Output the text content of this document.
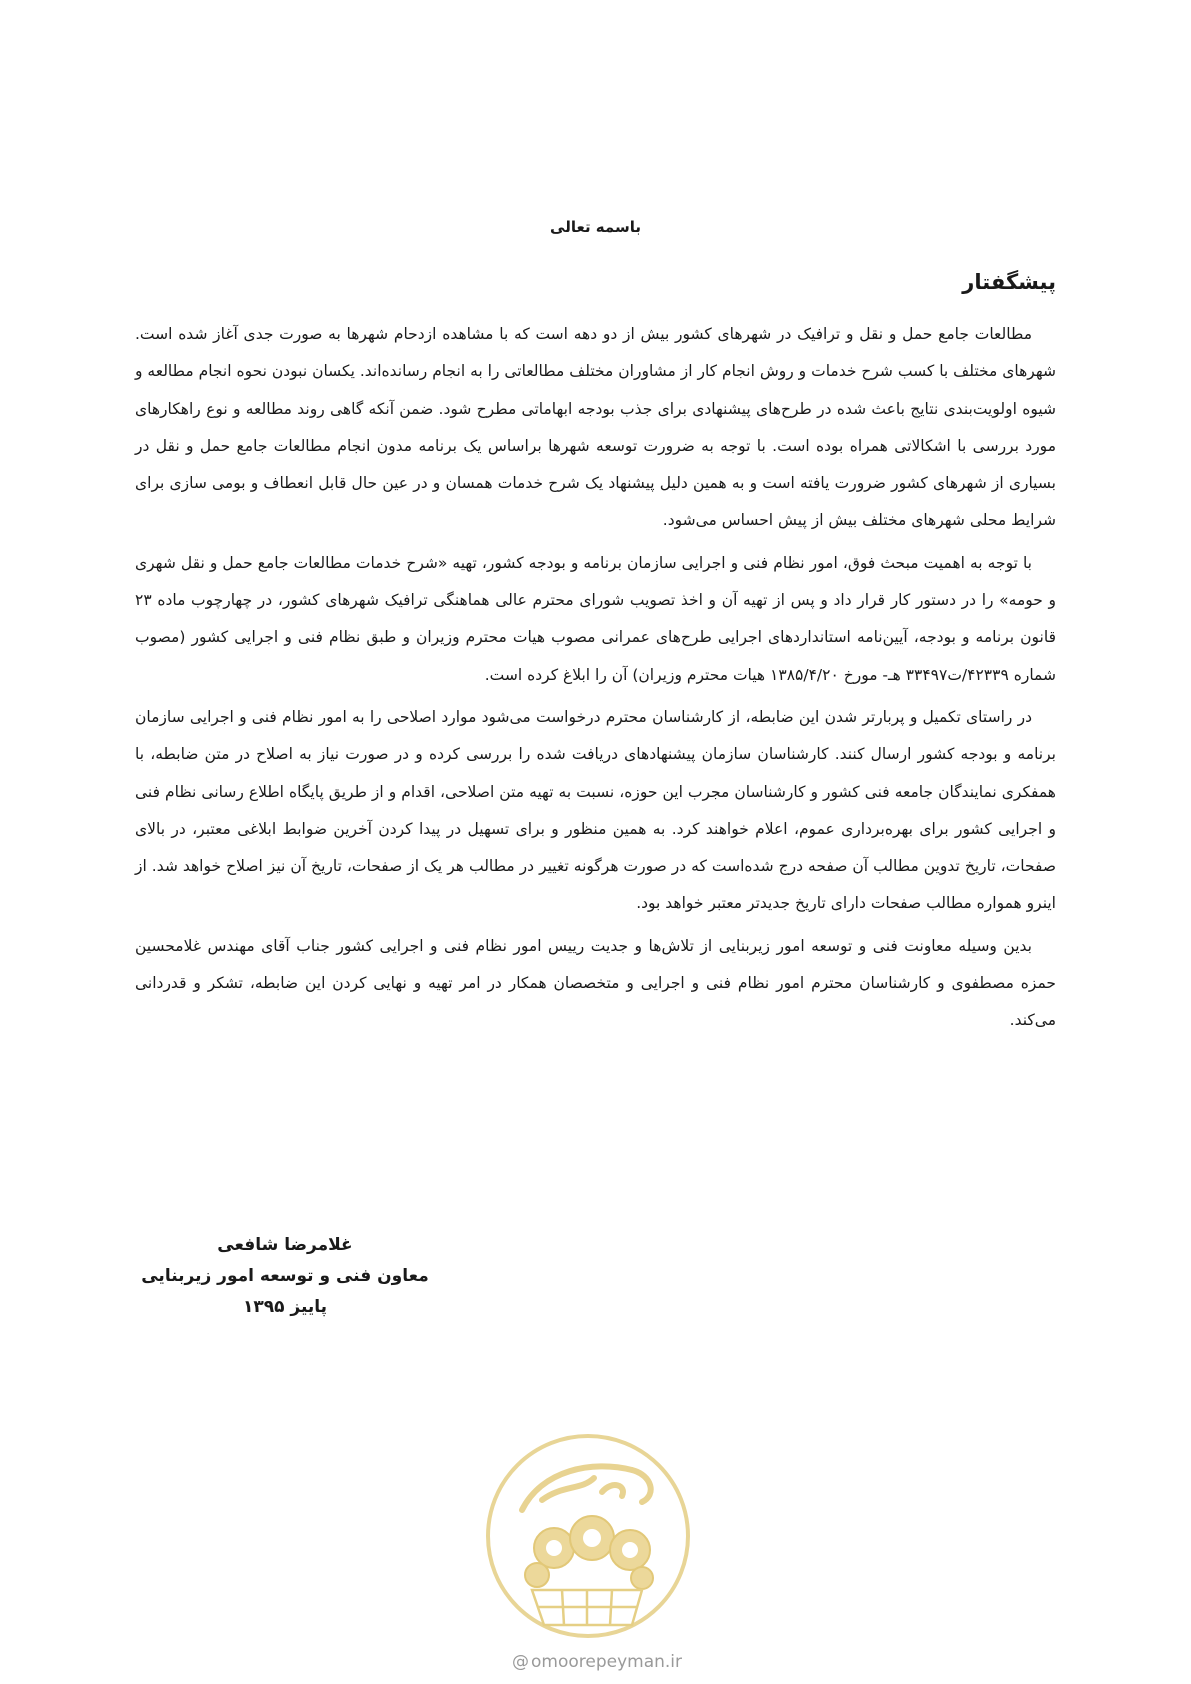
باسمه تعالی
پیشگفتار

مطالعات جامع حمل و نقل و ترافیک در شهرهای کشور بیش از دو دهه است که با مشاهده ازدحام شهرها به صورت جدی آغاز شده است. شهرهای مختلف با کسب شرح خدمات و روش انجام کار از مشاوران مختلف مطالعاتی را به انجام رسانده‌اند. یکسان نبودن نحوه انجام مطالعه و شیوه اولویت‌بندی نتایج باعث شده در طرح‌های پیشنهادی برای جذب بودجه ابهاماتی مطرح شود. ضمن آنکه گاهی روند مطالعه و نوع راهکارهای مورد بررسی با اشکالاتی همراه بوده است. با توجه به ضرورت توسعه شهرها براساس یک برنامه مدون انجام مطالعات جامع حمل و نقل در بسیاری از شهرهای کشور ضرورت یافته است و به همین دلیل پیشنهاد یک شرح خدمات همسان و در عین حال قابل انعطاف و بومی سازی برای شرایط محلی شهرهای مختلف بیش از پیش احساس می‌شود.

با توجه به اهمیت مبحث فوق، امور نظام فنی و اجرایی سازمان برنامه و بودجه کشور، تهیه «شرح خدمات مطالعات جامع حمل و نقل شهری و حومه» را در دستور کار قرار داد و پس از تهیه آن و اخذ تصویب شورای محترم عالی هماهنگی ترافیک شهرهای کشور، در چهارچوب ماده ۲۳ قانون برنامه و بودجه، آیین‌نامه استانداردهای اجرایی طرح‌های عمرانی مصوب هیات محترم وزیران و طبق نظام فنی و اجرایی کشور (مصوب شماره ۴۲۳۳۹/ت۳۳۴۹۷ هـ- مورخ ۱۳۸۵/۴/۲۰ هیات محترم وزیران) آن را ابلاغ کرده است.

در راستای تکمیل و پربارتر شدن این ضابطه، از کارشناسان محترم درخواست می‌شود موارد اصلاحی را به امور نظام فنی و اجرایی سازمان برنامه و بودجه کشور ارسال کنند. کارشناسان سازمان پیشنهادهای دریافت شده را بررسی کرده و در صورت نیاز به اصلاح در متن ضابطه، با همفکری نمایندگان جامعه فنی کشور و کارشناسان مجرب این حوزه، نسبت به تهیه متن اصلاحی، اقدام و از طریق پایگاه اطلاع رسانی نظام فنی و اجرایی کشور برای بهره‌برداری عموم، اعلام خواهند کرد. به همین منظور و برای تسهیل در پیدا کردن آخرین ضوابط ابلاغی معتبر، در بالای صفحات، تاریخ تدوین مطالب آن صفحه درج شده‌است که در صورت هرگونه تغییر در مطالب هر یک از صفحات، تاریخ آن نیز اصلاح خواهد شد. از اینرو همواره مطالب صفحات دارای تاریخ جدیدتر معتبر خواهد بود.

بدین وسیله معاونت فنی و توسعه امور زیربنایی از تلاش‌ها و جدیت رییس امور نظام فنی و اجرایی کشور جناب آقای مهندس غلامحسین حمزه مصطفوی و کارشناسان محترم امور نظام فنی و اجرایی و متخصصان همکار در امر تهیه و نهایی کردن این ضابطه، تشکر و قدردانی می‌کند.

غلامرضا شافعی
معاون فنی و توسعه امور زیربنایی
پاییز ۱۳۹۵
@ omoorepeyman.ir
